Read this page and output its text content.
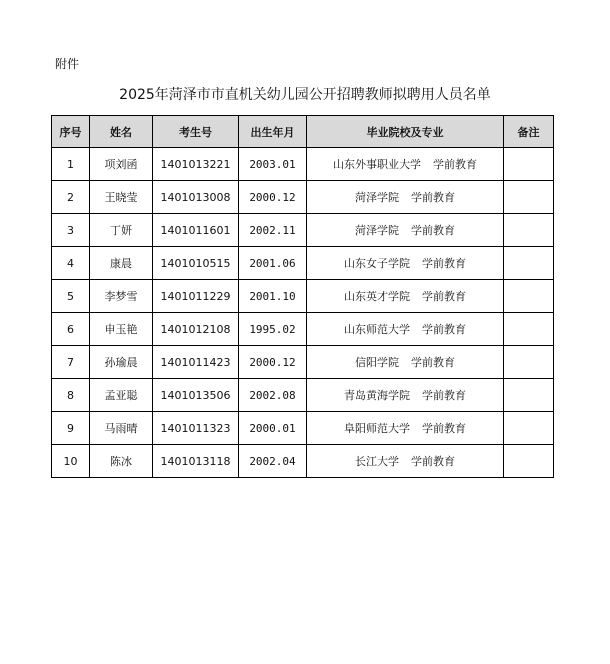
附件
2025年菏泽市市直机关幼儿园公开招聘教师拟聘用人员名单
序号	姓名	考生号	出生年月	毕业院校及专业	备注
1	项刘函	1401013221	2003.01	山东外事职业大学 学前教育	
2	王晓莹	1401013008	2000.12	菏泽学院 学前教育	
3	丁妍	1401011601	2002.11	菏泽学院 学前教育	
4	康晨	1401010515	2001.06	山东女子学院 学前教育	
5	李梦雪	1401011229	2001.10	山东英才学院 学前教育	
6	申玉艳	1401012108	1995.02	山东师范大学 学前教育	
7	孙瑜晨	1401011423	2000.12	信阳学院 学前教育	
8	孟亚聪	1401013506	2002.08	青岛黄海学院 学前教育	
9	马雨晴	1401011323	2000.01	阜阳师范大学 学前教育	
10	陈冰	1401013118	2002.04	长江大学 学前教育	
